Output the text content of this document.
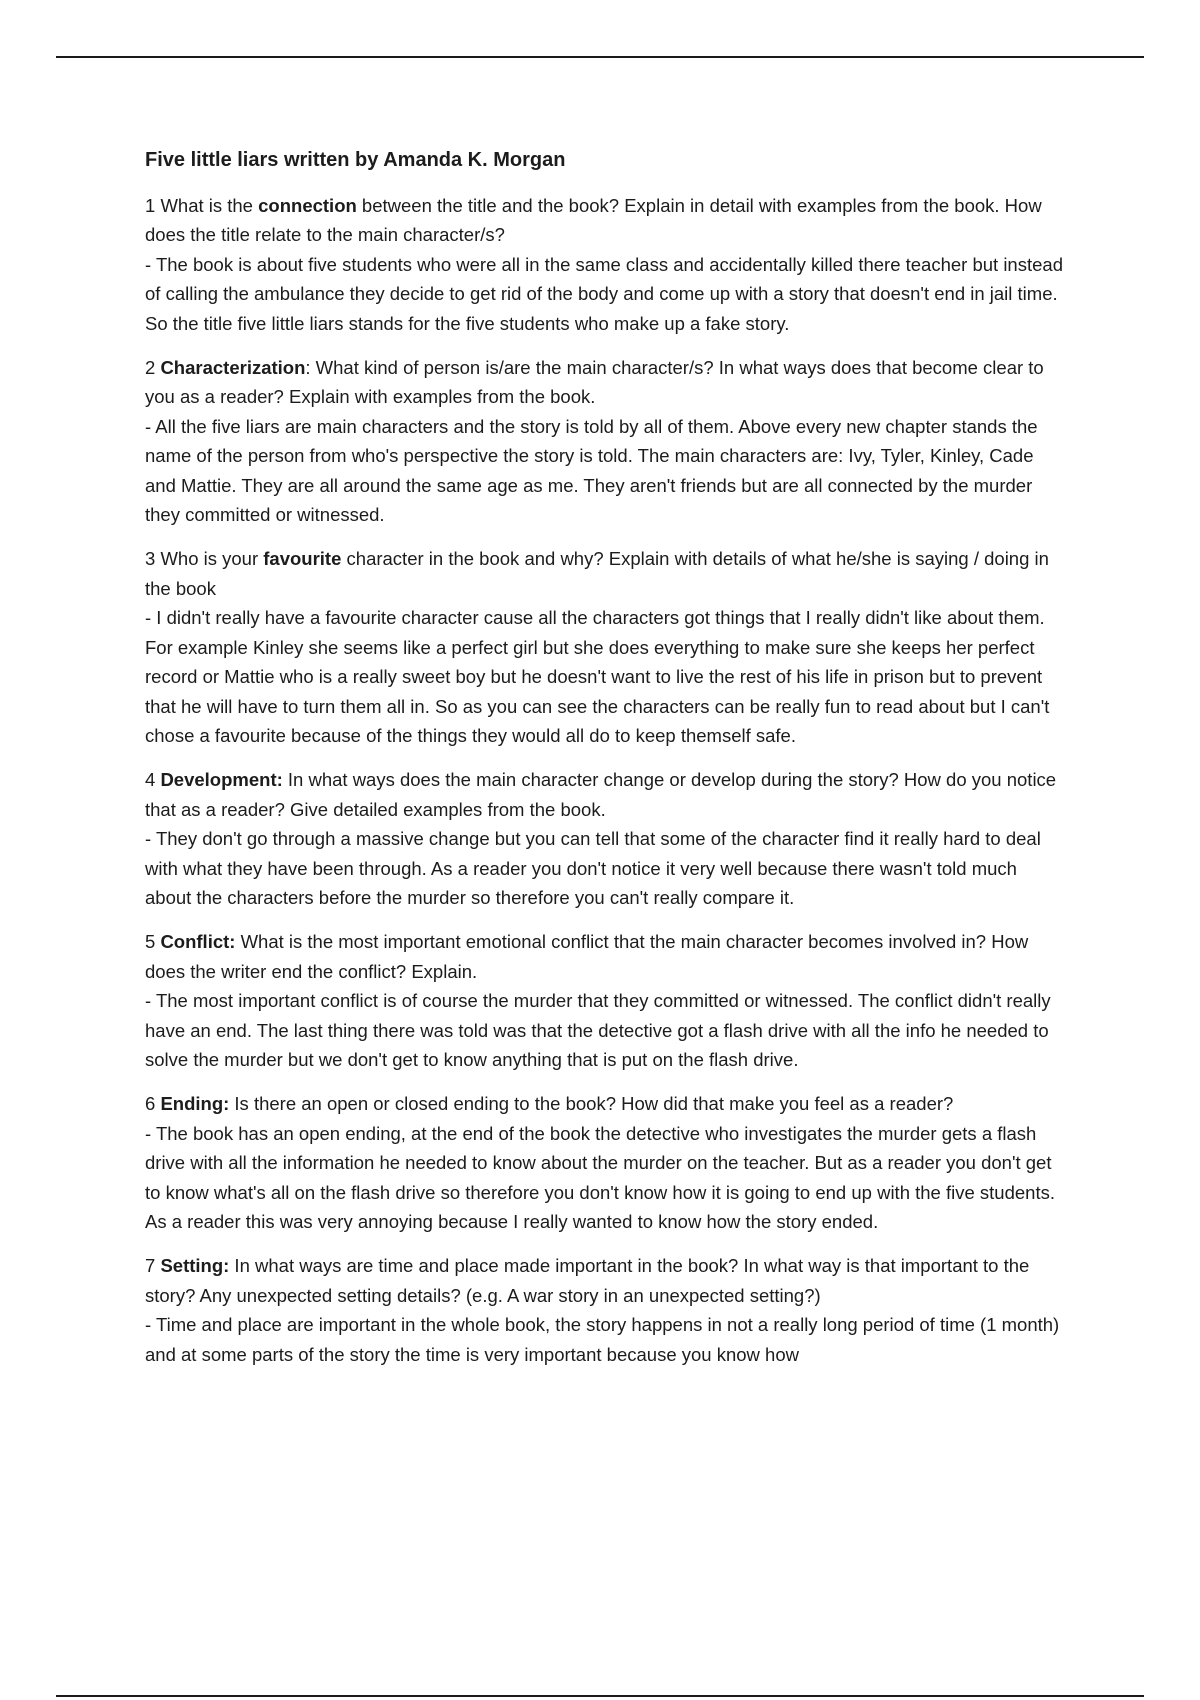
Five little liars written by Amanda K. Morgan

1 What is the connection between the title and the book? Explain in detail with examples from the book. How does the title relate to the main character/s?

- The book is about five students who were all in the same class and accidentally killed there teacher but instead of calling the ambulance they decide to get rid of the body and come up with a story that doesn't end in jail time. So the title five little liars stands for the five students who make up a fake story.

2 Characterization: What kind of person is/are the main character/s? In what ways does that become clear to you as a reader? Explain with examples from the book.

- All the five liars are main characters and the story is told by all of them. Above every new chapter stands the name of the person from who's perspective the story is told. The main characters are: Ivy, Tyler, Kinley, Cade and Mattie. They are all around the same age as me. They aren't friends but are all connected by the murder they committed or witnessed.

3 Who is your favourite character in the book and why? Explain with details of what he/she is saying / doing in the book

- I didn't really have a favourite character cause all the characters got things that I really didn't like about them. For example Kinley she seems like a perfect girl but she does everything to make sure she keeps her perfect record or Mattie who is a really sweet boy but he doesn't want to live the rest of his life in prison but to prevent that he will have to turn them all in. So as you can see the characters can be really fun to read about but I can't chose a favourite because of the things they would all do to keep themself safe.

4 Development: In what ways does the main character change or develop during the story? How do you notice that as a reader? Give detailed examples from the book.

- They don't go through a massive change but you can tell that some of the character find it really hard to deal with what they have been through. As a reader you don't notice it very well because there wasn't told much about the characters before the murder so therefore you can't really compare it.

5 Conflict: What is the most important emotional conflict that the main character becomes involved in? How does the writer end the conflict? Explain.

- The most important conflict is of course the murder that they committed or witnessed. The conflict didn't really have an end. The last thing there was told was that the detective got a flash drive with all the info he needed to solve the murder but we don't get to know anything that is put on the flash drive.

6 Ending: Is there an open or closed ending to the book? How did that make you feel as a reader?

- The book has an open ending, at the end of the book the detective who investigates the murder gets a flash drive with all the information he needed to know about the murder on the teacher. But as a reader you don't get to know what's all on the flash drive so therefore you don't know how it is going to end up with the five students. As a reader this was very annoying because I really wanted to know how the story ended.

7 Setting: In what ways are time and place made important in the book? In what way is that important to the story? Any unexpected setting details? (e.g. A war story in an unexpected setting?)

- Time and place are important in the whole book, the story happens in not a really long period of time (1 month) and at some parts of the story the time is very important because you know how
